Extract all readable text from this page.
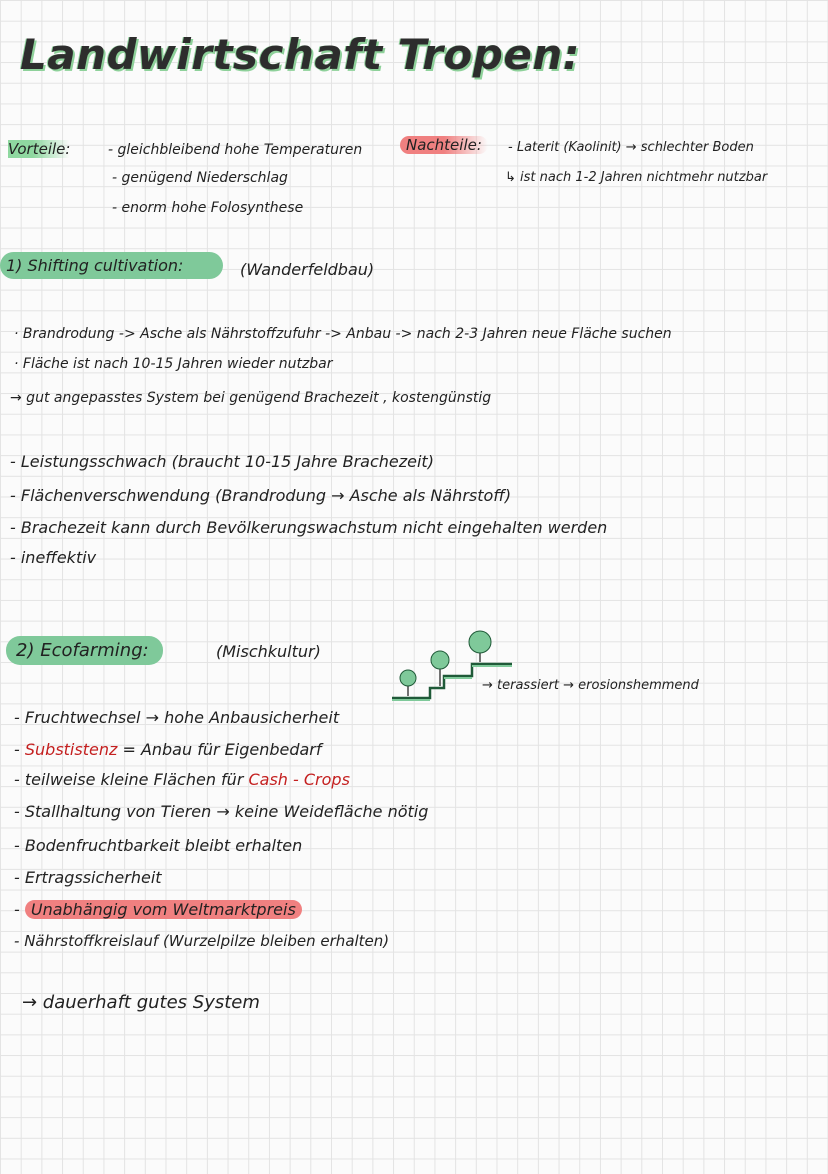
Landwirtschaft Tropen:
Vorteile:	- gleichbleibend hohe Temperaturen
- genügend Niederschlag
- enorm hohe Folosynthese
Nachteile:	- Laterit (Kaolinit) → schlechter Boden
↳ ist nach 1-2 Jahren nichtmehr nutzbar
1) Shifting cultivation:	(Wanderfeldbau)
· Brandrodung -> Asche als Nährstoffzufuhr -> Anbau -> nach 2-3 Jahren neue Fläche suchen
· Fläche ist nach 10-15 Jahren wieder nutzbar
→ gut angepasstes System bei genügend Brachezeit , kostengünstig
- Leistungsschwach (braucht 10-15 Jahre Brachezeit)
- Flächenverschwendung (Brandrodung → Asche als Nährstoff)
- Brachezeit kann durch Bevölkerungswachstum nicht eingehalten werden
- ineffektiv
2) Ecofarming:	(Mischkultur)
→ terassiert → erosionshemmend
- Fruchtwechsel → hohe Anbausicherheit
- Substistenz = Anbau für Eigenbedarf
- teilweise kleine Flächen für Cash - Crops
- Stallhaltung von Tieren → keine Weidefläche nötig
- Bodenfruchtbarkeit bleibt erhalten
- Ertragssicherheit
- Unabhängig vom Weltmarktpreis
- Nährstoffkreislauf (Wurzelpilze bleiben erhalten)
→ dauerhaft gutes System
